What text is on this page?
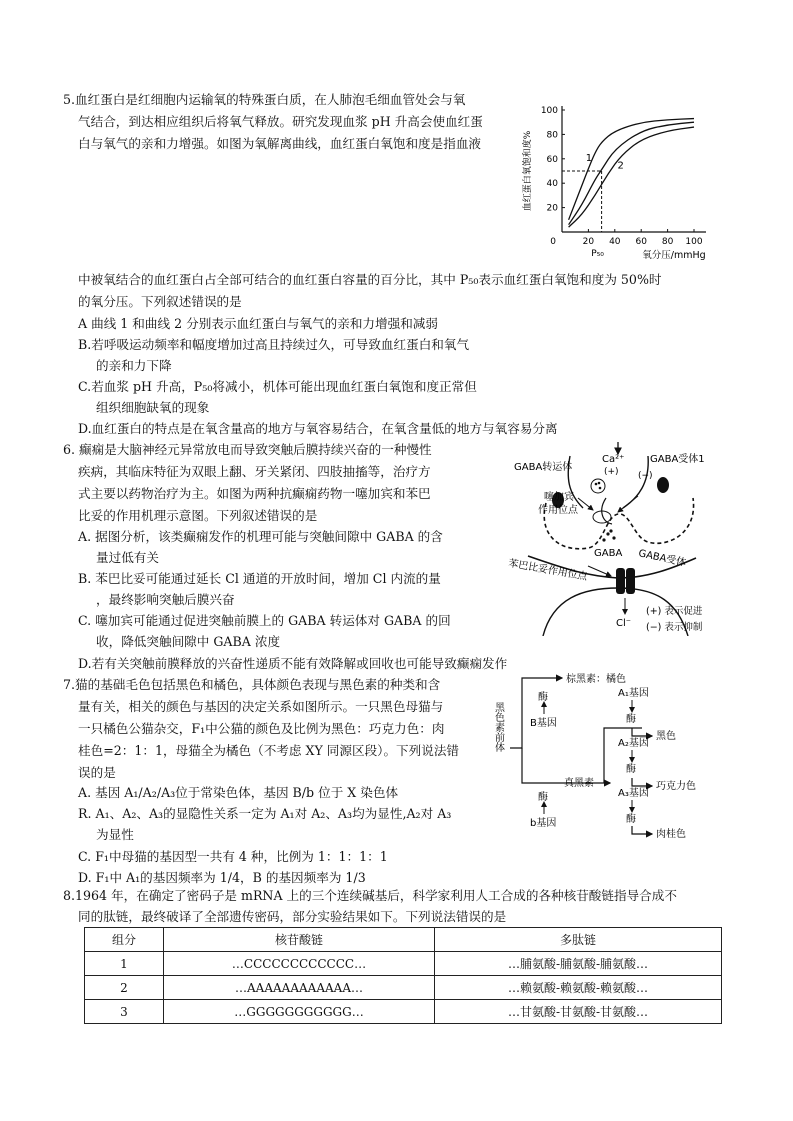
5.血红蛋白是红细胞内运输氧的特殊蛋白质，在人肺泡毛细血管处会与氧
气结合，到达相应组织后将氧气释放。研究发现血浆 pH 升高会使血红蛋
白与氧气的亲和力增强。如图为氧解离曲线，血红蛋白氧饱和度是指血液
中被氧结合的血红蛋白占全部可结合的血红蛋白容量的百分比，其中 P₅₀表示血红蛋白氧饱和度为 50%时
的氧分压。下列叙述错误的是
A 曲线 1 和曲线 2 分别表示血红蛋白与氧气的亲和力增强和减弱
B.若呼吸运动频率和幅度增加过高且持续过久，可导致血红蛋白和氧气
的亲和力下降
C.若血浆 pH 升高，P₅₀将减小，机体可能出现血红蛋白氧饱和度正常但
组织细胞缺氧的现象
D.血红蛋白的特点是在氧含量高的地方与氧容易结合，在氧含量低的地方与氧容易分离
100
80
60
40
20
20 40 60 80 100
0
血红蛋白氧饱和度%
氧分压/mmHg
P₅₀
1
2
6. 癫痫是大脑神经元异常放电而导致突触后膜持续兴奋的一种慢性
疾病，其临床特征为双眼上翻、牙关紧闭、四肢抽搐等，治疗方
式主要以药物治疗为主。如图为两种抗癫痫药物一噻加宾和苯巴
比妥的作用机理示意图。下列叙述错误的是
A. 据图分析，该类癫痫发作的机理可能与突触间隙中 GABA 的含
量过低有关
B. 苯巴比妥可能通过延长 Cl 通道的开放时间，增加 Cl 内流的量
，最终影响突触后膜兴奋
C. 噻加宾可能通过促进突触前膜上的 GABA 转运体对 GABA 的回
收，降低突触间隙中 GABA 浓度
D.若有关突触前膜释放的兴奋性递质不能有效降解或回收也可能导致癫痫发作
GABA转运体
噻加宾
作用位点
Ca²⁺
(+) (−)
GABA受体1
GABA GABA受体
苯巴比妥作用位点
Cl⁻
(+) 表示促进
(−) 表示抑制
7.猫的基础毛色包括黑色和橘色，具体颜色表现与黑色素的种类和含
量有关，相关的颜色与基因的决定关系如图所示。一只黑色母猫与
一只橘色公猫杂交，F₁中公猫的颜色及比例为黑色：巧克力色：肉
桂色=2：1：1，母猫全为橘色（不考虑 XY 同源区段）。下列说法错
误的是
A. 基因 A₁/A₂/A₃位于常染色体，基因 B/b 位于 X 染色体
R. A₁、A₂、A₃的显隐性关系一定为 A₁对 A₂、A₃均为显性,A₂对 A₃
为显性
C. F₁中母猫的基因型一共有 4 种，比例为 1：1：1：1
D. F₁中 A₁的基因频率为 1/4，B 的基因频率为 1/3
黑色素前体
酶
B基因
棕黑素：橘色
酶
b基因
真黑素
A₁基因
酶
A₂基因
酶
A₃基因
酶
黑色
巧克力色
肉桂色
8.1964 年，在确定了密码子是 mRNA 上的三个连续碱基后，科学家利用人工合成的各种核苷酸链指导合成不
同的肽链，最终破译了全部遗传密码，部分实验结果如下。下列说法错误的是
组分	核苷酸链	多肽链
1	…CCCCCCCCCCCC…	…脯氨酸-脯氨酸-脯氨酸…
2	…AAAAAAAAAAAA…	…赖氨酸-赖氨酸-赖氨酸…
3	…GGGGGGGGGGG…	…甘氨酸-甘氨酸-甘氨酸…
